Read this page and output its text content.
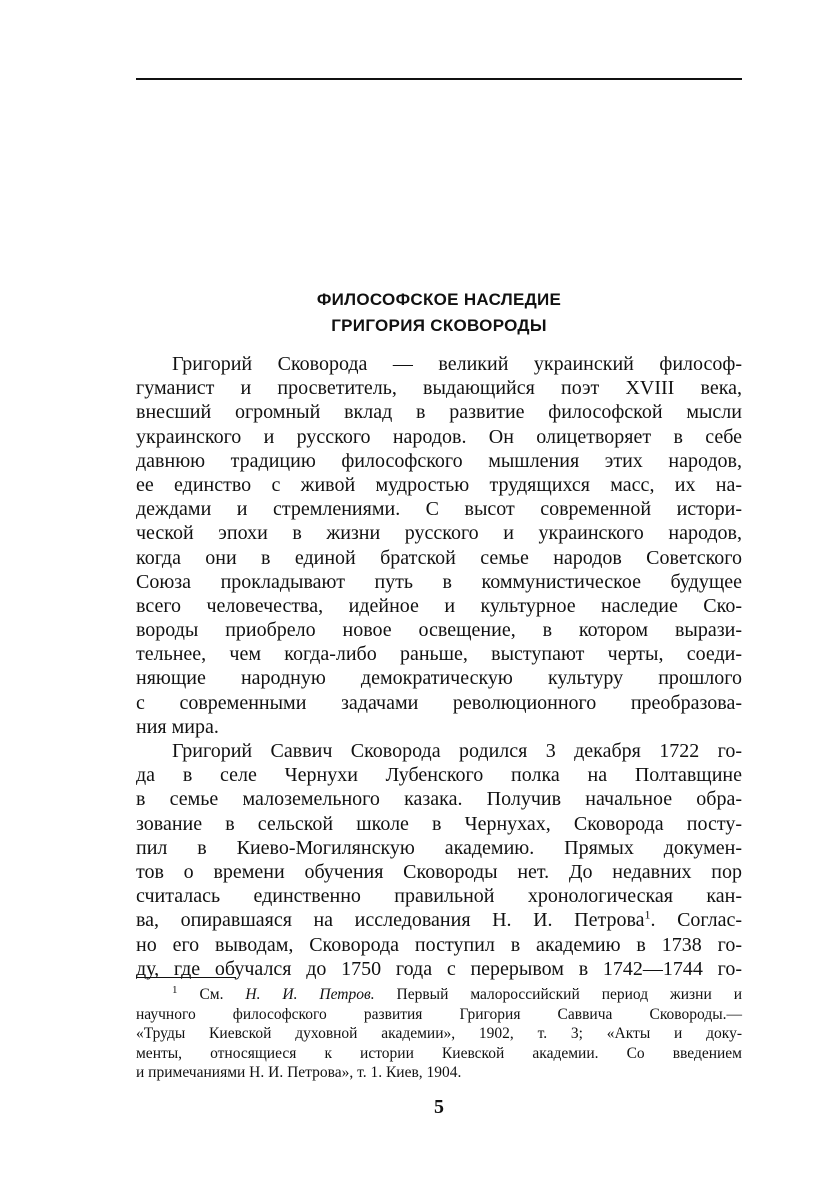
ФИЛОСОФСКОЕ НАСЛЕДИЕ
ГРИГОРИЯ СКОВОРОДЫ
Григорий Сковорода — великий украинский философ-
гуманист и просветитель, выдающийся поэт XVIII века,
внесший огромный вклад в развитие философской мысли
украинского и русского народов. Он олицетворяет в себе
давнюю традицию философского мышления этих народов,
ее единство с живой мудростью трудящихся масс, их на-
деждами и стремлениями. С высот современной истори-
ческой эпохи в жизни русского и украинского народов,
когда они в единой братской семье народов Советского
Союза прокладывают путь в коммунистическое будущее
всего человечества, идейное и культурное наследие Ско-
вороды приобрело новое освещение, в котором вырази-
тельнее, чем когда-либо раньше, выступают черты, соеди-
няющие народную демократическую культуру прошлого
с современными задачами революционного преобразова-
ния мира.
Григорий Саввич Сковорода родился 3 декабря 1722 го-
да в селе Чернухи Лубенского полка на Полтавщине
в семье малоземельного казака. Получив начальное обра-
зование в сельской школе в Чернухах, Сковорода посту-
пил в Киево-Могилянскую академию. Прямых докумен-
тов о времени обучения Сковороды нет. До недавних пор
считалась единственно правильной хронологическая кан-
ва, опиравшаяся на исследования Н. И. Петрова$^1$. Соглас-
но его выводам, Сковорода поступил в академию в 1738 го-
ду, где обучался до 1750 года с перерывом в 1742—1744 го-
$^1$ См. Н. И. Петров. Первый малороссийский период жизни и
научного философского развития Григория Саввича Сковороды.—
«Труды Киевской духовной академии», 1902, т. 3; «Акты и доку-
менты, относящиеся к истории Киевской академии. Со введением
и примечаниями Н. И. Петрова», т. 1. Киев, 1904.
5
